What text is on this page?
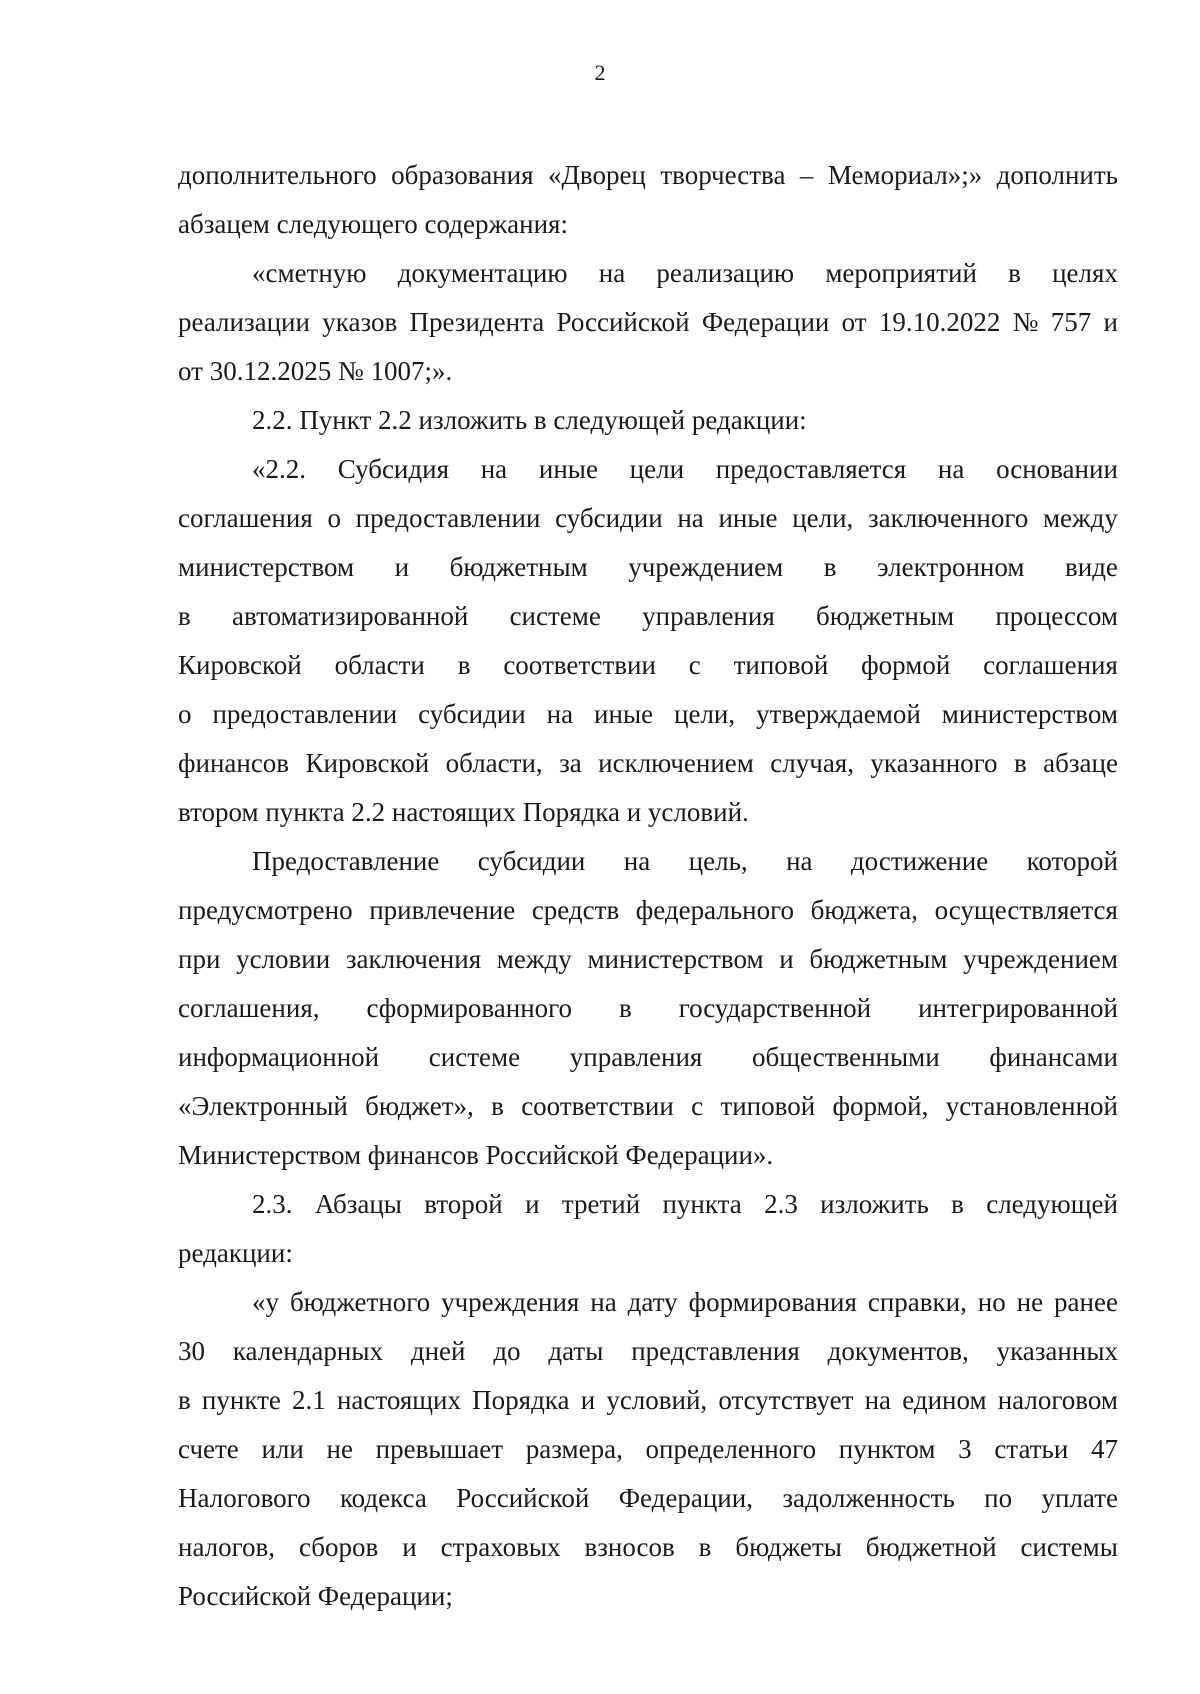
2
дополнительного образования «Дворец творчества – Мемориал»;» дополнить
абзацем следующего содержания:
«сметную документацию на реализацию мероприятий в целях
реализации указов Президента Российской Федерации от 19.10.2022 № 757 и
от 30.12.2025 № 1007;».
2.2. Пункт 2.2 изложить в следующей редакции:
«2.2. Субсидия на иные цели предоставляется на основании
соглашения о предоставлении субсидии на иные цели, заключенного между
министерством и бюджетным учреждением в электронном виде
в автоматизированной системе управления бюджетным процессом
Кировской области в соответствии с типовой формой соглашения
о предоставлении субсидии на иные цели, утверждаемой министерством
финансов Кировской области, за исключением случая, указанного в абзаце
втором пункта 2.2 настоящих Порядка и условий.
Предоставление субсидии на цель, на достижение которой
предусмотрено привлечение средств федерального бюджета, осуществляется
при условии заключения между министерством и бюджетным учреждением
соглашения, сформированного в государственной интегрированной
информационной системе управления общественными финансами
«Электронный бюджет», в соответствии с типовой формой, установленной
Министерством финансов Российской Федерации».
2.3. Абзацы второй и третий пункта 2.3 изложить в следующей
редакции:
«у бюджетного учреждения на дату формирования справки, но не ранее
30 календарных дней до даты представления документов, указанных
в пункте 2.1 настоящих Порядка и условий, отсутствует на едином налоговом
счете или не превышает размера, определенного пунктом 3 статьи 47
Налогового кодекса Российской Федерации, задолженность по уплате
налогов, сборов и страховых взносов в бюджеты бюджетной системы
Российской Федерации;
